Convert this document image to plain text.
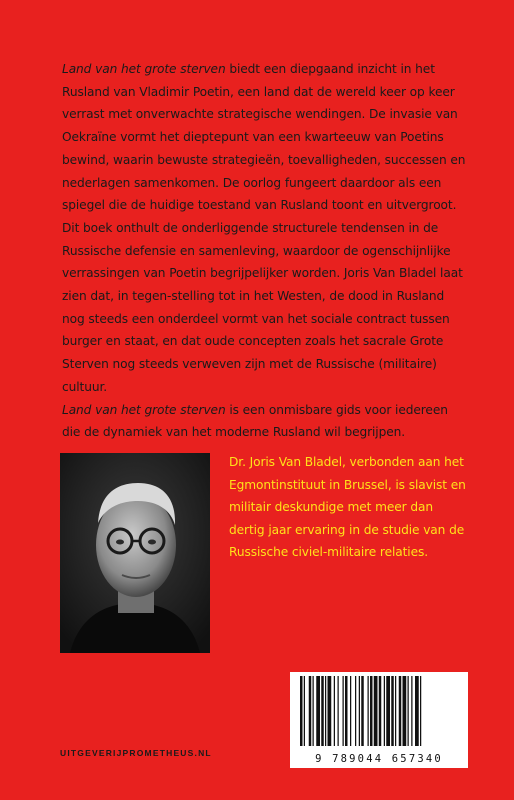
Land van het grote sterven biedt een diepgaand inzicht in het Rusland van Vladimir Poetin, een land dat de wereld keer op keer verrast met onverwachte strategische wendingen. De invasie van Oekraïne vormt het dieptepunt van een kwarteeuw van Poetins bewind, waarin bewuste strategieën, toevalligheden, successen en nederlagen samenkomen. De oorlog fungeert daardoor als een spiegel die de huidige toestand van Rusland toont en uitvergroot.

Dit boek onthult de onderliggende structurele tendensen in de Russische defensie en samenleving, waardoor de ogenschijnlijke verrassingen van Poetin begrijpelijker worden. Joris Van Bladel laat zien dat, in tegen-stelling tot in het Westen, de dood in Rusland nog steeds een onderdeel vormt van het sociale contract tussen burger en staat, en dat oude concepten zoals het sacrale Grote Sterven nog steeds verweven zijn met de Russische (militaire) cultuur.

Land van het grote sterven is een onmisbare gids voor iedereen die de dynamiek van het moderne Rusland wil begrijpen.

Dr. Joris Van Bladel, verbonden aan het Egmontinstituut in Brussel, is slavist en militair deskundige met meer dan dertig jaar ervaring in de studie van de Russische civiel-militaire relaties.
9 789044 657340
UITGEVERIJPROMETHEUS.NL
